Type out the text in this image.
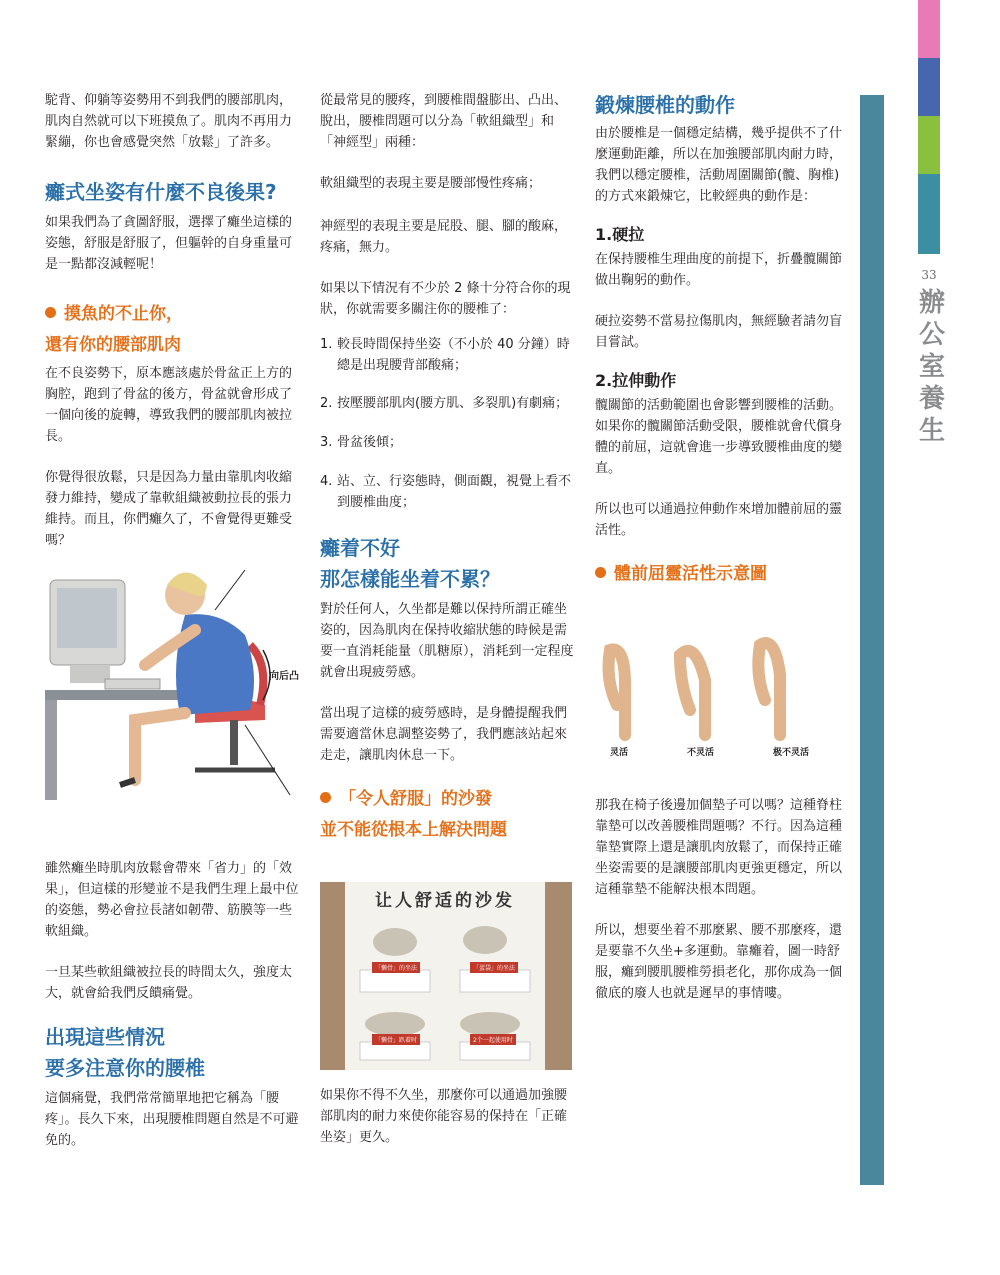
33
辦公室養生

駝背、仰躺等姿勢用不到我們的腰部肌肉，肌肉自然就可以下班摸魚了。肌肉不再用力緊繃，你也會感覺突然「放鬆」了許多。

癱式坐姿有什麼不良後果?

如果我們為了貪圖舒服，選擇了癱坐這樣的姿態，舒服是舒服了，但軀幹的自身重量可是一點都沒減輕呢！

摸魚的不止你，
還有你的腰部肌肉

在不良姿勢下，原本應該處於骨盆正上方的胸腔，跑到了骨盆的後方，骨盆就會形成了一個向後的旋轉，導致我們的腰部肌肉被拉長。

你覺得很放鬆，只是因為力量由靠肌肉收縮發力維持，變成了靠軟組織被動拉長的張力維持。而且，你們癱久了，不會覺得更難受嗎？

向后凸

雖然癱坐時肌肉放鬆會帶來「省力」的「效果」，但這樣的形變並不是我們生理上最中位的姿態，勢必會拉長諸如韌帶、筋膜等一些軟組織。

一旦某些軟組織被拉長的時間太久，強度太大，就會給我們反饋痛覺。

出現這些情況
要多注意你的腰椎

這個痛覺，我們常常簡單地把它稱為「腰疼」。長久下來，出現腰椎問題自然是不可避免的。

從最常見的腰疼，到腰椎間盤膨出、凸出、脫出，腰椎問題可以分為「軟組織型」和「神經型」兩種：

軟組織型的表現主要是腰部慢性疼痛；

神經型的表現主要是屁股、腿、腳的酸麻，疼痛，無力。

如果以下情況有不少於 2 條十分符合你的現狀，你就需要多關注你的腰椎了：

1. 較長時間保持坐姿（不小於 40 分鐘）時總是出現腰背部酸痛；
2. 按壓腰部肌肉(腰方肌、多裂肌)有劇痛；
3. 骨盆後傾；
4. 站、立、行姿態時，側面觀，視覺上看不到腰椎曲度；
癱着不好
那怎樣能坐着不累？

對於任何人，久坐都是難以保持所謂正確坐姿的，因為肌肉在保持收縮狀態的時候是需要一直消耗能量（肌糖原），消耗到一定程度就會出現疲勞感。

當出現了這樣的疲勞感時，是身體提醒我們需要適當休息調整姿勢了，我們應該站起來走走，讓肌肉休息一下。

「令人舒服」的沙發
並不能從根本上解決問題
让人舒适的沙发
「懒骨」的坐法	「蛋袋」的坐法
「懒骨」趴着时	2个一起使用时

如果你不得不久坐，那麼你可以通過加強腰部肌肉的耐力來使你能容易的保持在「正確坐姿」更久。

鍛煉腰椎的動作

由於腰椎是一個穩定結構，幾乎提供不了什麼運動距離，所以在加強腰部肌肉耐力時，我們以穩定腰椎，活動周圍關節(髖、胸椎)的方式來鍛煉它，比較經典的動作是：

1.硬拉

在保持腰椎生理曲度的前提下，折疊髖關節做出鞠躬的動作。

硬拉姿勢不當易拉傷肌肉，無經驗者請勿盲目嘗試。

2.拉伸動作

髖關節的活動範圍也會影響到腰椎的活動。如果你的髖關節活動受限，腰椎就會代償身體的前屈，這就會進一步導致腰椎曲度的變直。

所以也可以通過拉伸動作來增加體前屈的靈活性。

體前屈靈活性示意圖
灵活	不灵活	极不灵活

那我在椅子後邊加個墊子可以嗎？這種脊柱靠墊可以改善腰椎問題嗎？不行。因為這種靠墊實際上還是讓肌肉放鬆了，而保持正確坐姿需要的是讓腰部肌肉更強更穩定，所以這種靠墊不能解決根本問題。

所以，想要坐着不那麼累、腰不那麼疼，還是要靠不久坐+多運動。靠癱着，圖一時舒服，癱到腰肌腰椎勞損老化，那你成為一個徹底的廢人也就是遲早的事情嘍。
